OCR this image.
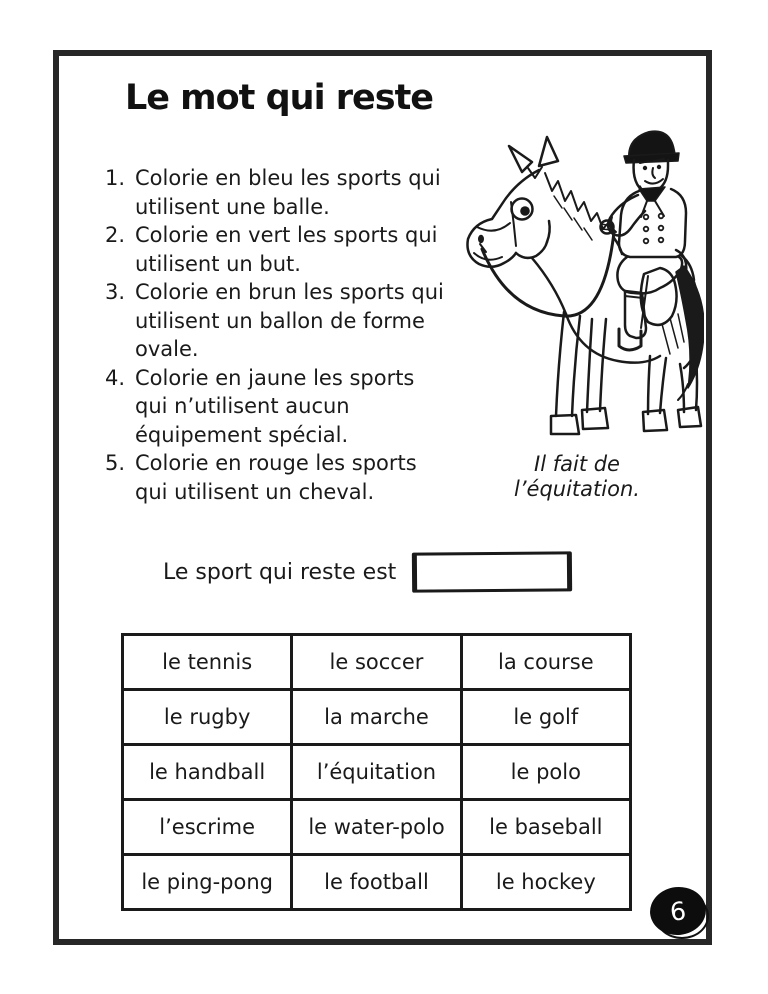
Le mot qui reste
1. Colorie en bleu les sports qui utilisent une balle.
2. Colorie en vert les sports qui utilisent un but.
3. Colorie en brun les sports qui utilisent un ballon de forme ovale.
4. Colorie en jaune les sports qui n’utilisent aucun équipement spécial.
5. Colorie en rouge les sports qui utilisent un cheval.
Il fait de
l’équitation.
Le sport qui reste est
le tennis	le soccer	la course
le rugby	la marche	le golf
le handball	l’équitation	le polo
l’escrime	le water-polo	le baseball
le ping-pong	le football	le hockey
6
